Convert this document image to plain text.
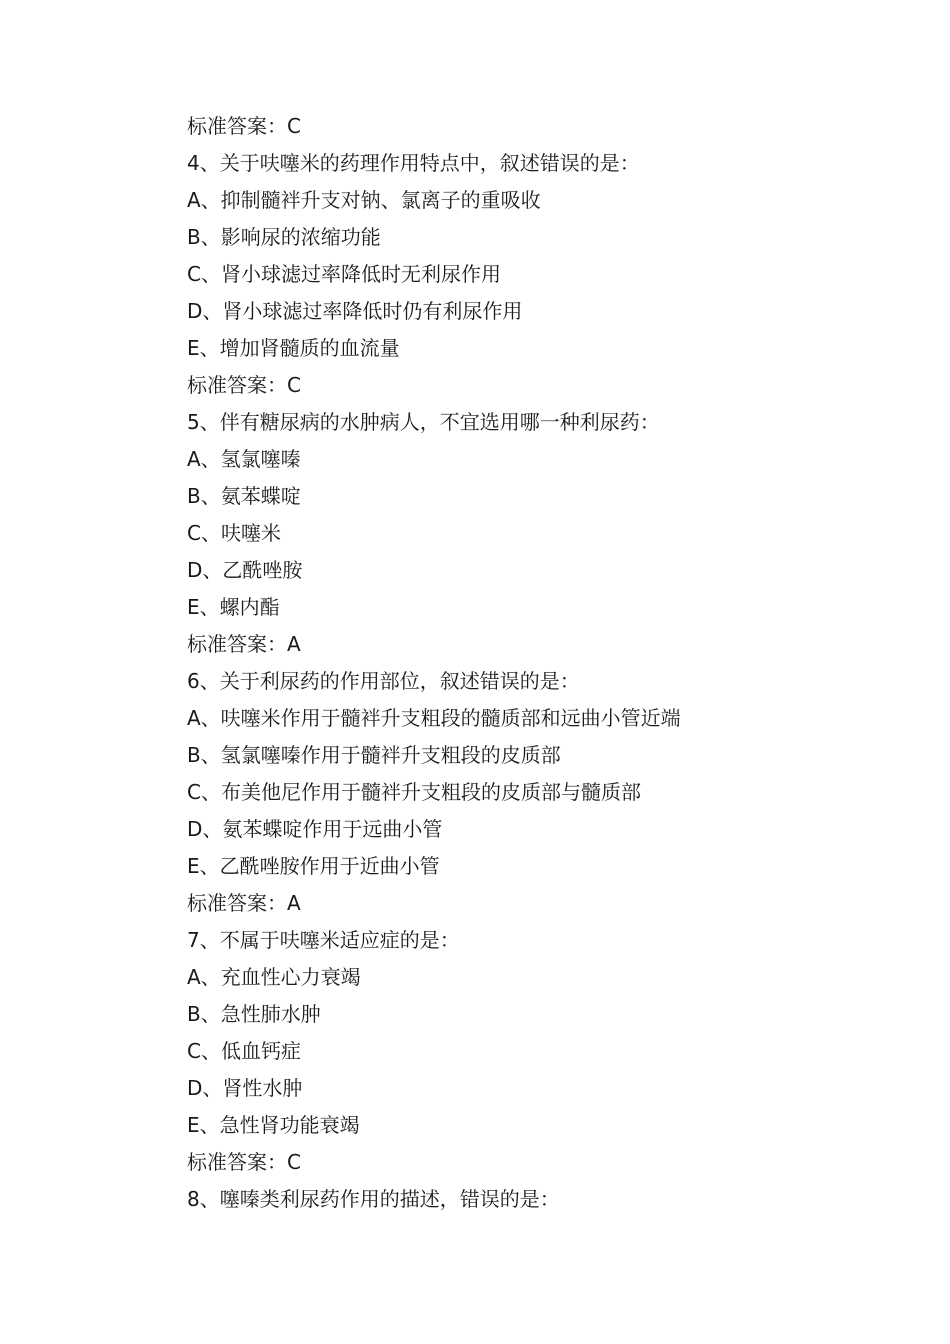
标准答案：C
4、关于呋噻米的药理作用特点中，叙述错误的是：
A、抑制髓袢升支对钠、氯离子的重吸收
B、影响尿的浓缩功能
C、肾小球滤过率降低时无利尿作用
D、肾小球滤过率降低时仍有利尿作用
E、增加肾髓质的血流量
标准答案：C
5、伴有糖尿病的水肿病人，不宜选用哪一种利尿药：
A、氢氯噻嗪
B、氨苯蝶啶
C、呋噻米
D、乙酰唑胺
E、螺内酯
标准答案：A
6、关于利尿药的作用部位，叙述错误的是：
A、呋噻米作用于髓袢升支粗段的髓质部和远曲小管近端
B、氢氯噻嗪作用于髓袢升支粗段的皮质部
C、布美他尼作用于髓袢升支粗段的皮质部与髓质部
D、氨苯蝶啶作用于远曲小管
E、乙酰唑胺作用于近曲小管
标准答案：A
7、不属于呋噻米适应症的是：
A、充血性心力衰竭
B、急性肺水肿
C、低血钙症
D、肾性水肿
E、急性肾功能衰竭
标准答案：C
8、噻嗪类利尿药作用的描述，错误的是：
